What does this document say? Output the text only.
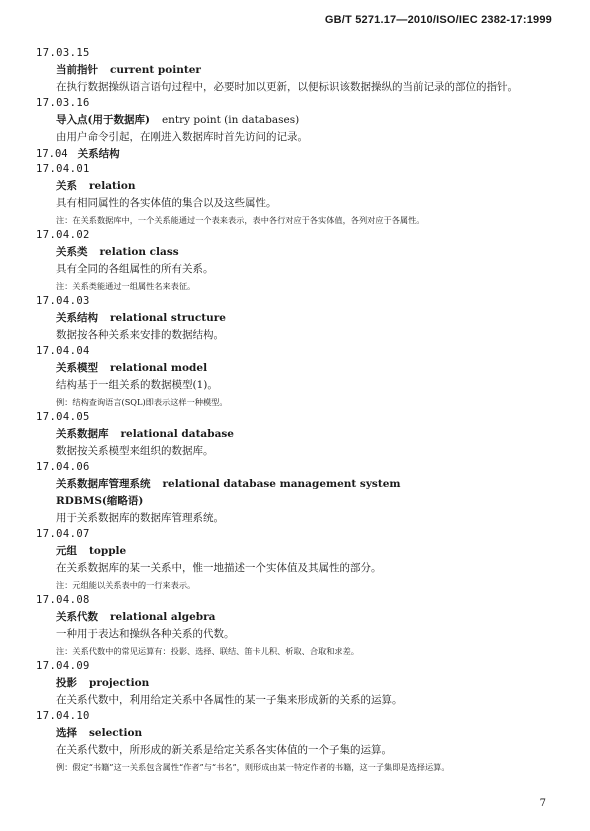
GB/T 5271.17—2010/ISO/IEC 2382-17:1999
17.03.15
当前指针 current pointer
在执行数据操纵语言语句过程中，必要时加以更新，以便标识该数据操纵的当前记录的部位的指针。
17.03.16
导入点(用于数据库) entry point (in databases)
由用户命令引起，在刚进入数据库时首先访问的记录。
17.04 关系结构
17.04.01
关系 relation
具有相同属性的各实体值的集合以及这些属性。
注：在关系数据库中，一个关系能通过一个表来表示，表中各行对应于各实体值，各列对应于各属性。
17.04.02
关系类 relation class
具有全同的各组属性的所有关系。
注：关系类能通过一组属性名来表征。
17.04.03
关系结构 relational structure
数据按各种关系来安排的数据结构。
17.04.04
关系模型 relational model
结构基于一组关系的数据模型(1)。
例：结构查询语言(SQL)即表示这样一种模型。
17.04.05
关系数据库 relational database
数据按关系模型来组织的数据库。
17.04.06
关系数据库管理系统 relational database management system
RDBMS(缩略语)
用于关系数据库的数据库管理系统。
17.04.07
元组 topple
在关系数据库的某一关系中，惟一地描述一个实体值及其属性的部分。
注：元组能以关系表中的一行来表示。
17.04.08
关系代数 relational algebra
一种用于表达和操纵各种关系的代数。
注：关系代数中的常见运算有：投影、选择、联结、笛卡儿积、析取、合取和求差。
17.04.09
投影 projection
在关系代数中，利用给定关系中各属性的某一子集来形成新的关系的运算。
17.04.10
选择 selection
在关系代数中，所形成的新关系是给定关系各实体值的一个子集的运算。
例：假定“书籍”这一关系包含属性“作者”与“书名”，则形成由某一特定作者的书籍，这一子集即是选择运算。
7
